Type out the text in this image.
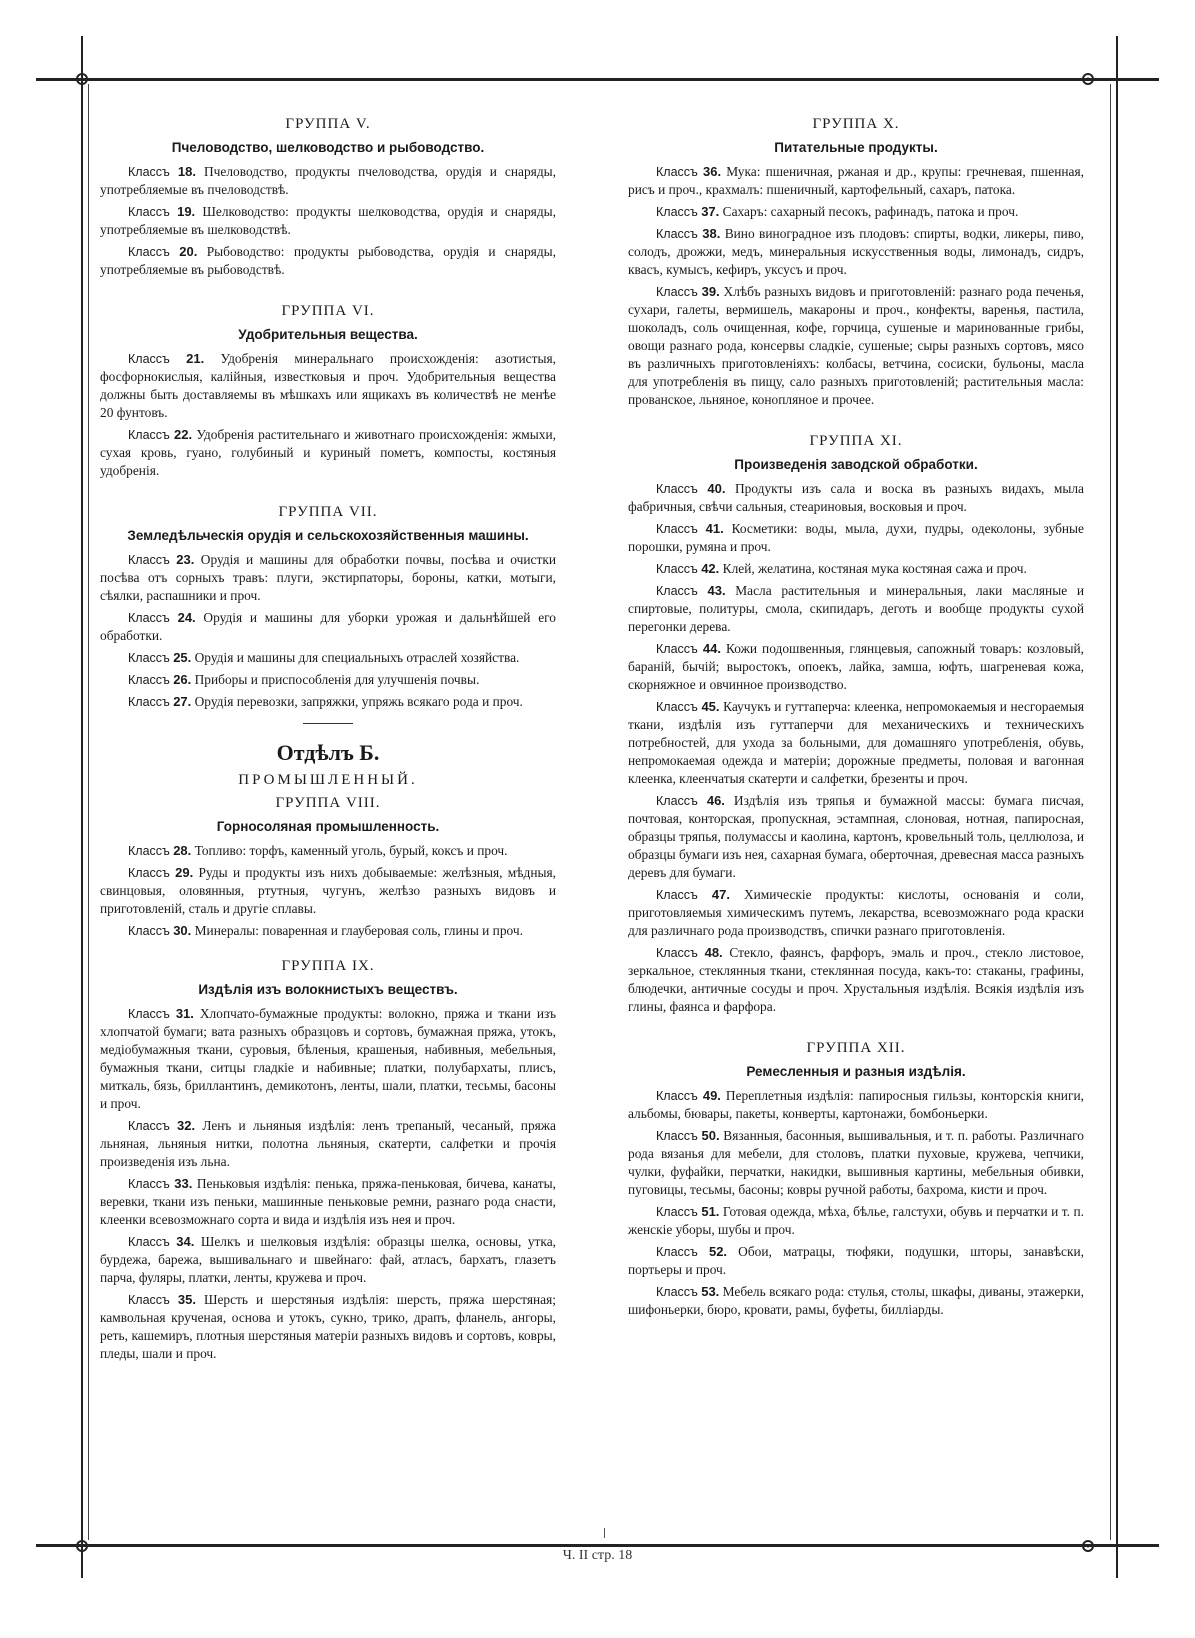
ГРУППА V.
Пчеловодство, шелководство и рыбоводство.

Классъ 18. Пчеловодство, продукты пчеловодства, орудія и снаряды, употребляемые въ пчеловодствѣ.

Классъ 19. Шелководство: продукты шелководства, орудія и снаряды, употребляемые въ шелководствѣ.

Классъ 20. Рыбоводство: продукты рыбоводства, орудія и снаряды, употребляемые въ рыбоводствѣ.

ГРУППА VI.
Удобрительныя вещества.

Классъ 21. Удобренія минеральнаго происхожденія: азотистыя, фосфорнокислыя, калійныя, известковыя и проч. Удобрительныя вещества должны быть доставляемы въ мѣшкахъ или ящикахъ въ количествѣ не менѣе 20 фунтовъ.

Классъ 22. Удобренія растительнаго и животнаго происхожденія: жмыхи, сухая кровь, гуано, голубиный и куриный пометъ, компосты, костяныя удобренія.

ГРУППА VII.
Земледѣльческія орудія и сельскохозяйственныя машины.

Классъ 23. Орудія и машины для обработки почвы, посѣва и очистки посѣва отъ сорныхъ травъ: плуги, экстирпаторы, бороны, катки, мотыги, сѣялки, распашники и проч.

Классъ 24. Орудія и машины для уборки урожая и дальнѣйшей его обработки.

Классъ 25. Орудія и машины для специальныхъ отраслей хозяйства.

Классъ 26. Приборы и приспособленія для улучшенія почвы.

Классъ 27. Орудія перевозки, запряжки, упряжь всякаго рода и проч.

Отдѣлъ Б.
ПРОМЫШЛЕННЫЙ.
ГРУППА VIII.
Горносоляная промышленность.

Классъ 28. Топливо: торфъ, каменный уголь, бурый, коксъ и проч.

Классъ 29. Руды и продукты изъ нихъ добываемые: желѣзныя, мѣдныя, свинцовыя, оловянныя, ртутныя, чугунъ, желѣзо разныхъ видовъ и приготовленій, сталь и другіе сплавы.

Классъ 30. Минералы: поваренная и глауберовая соль, глины и проч.

ГРУППА IX.
Издѣлія изъ волокнистыхъ веществъ.

Классъ 31. Хлопчато-бумажные продукты: волокно, пряжа и ткани изъ хлопчатой бумаги; вата разныхъ образцовъ и сортовъ, бумажная пряжа, утокъ, медіобумажныя ткани, суровыя, бѣленыя, крашеныя, набивныя, мебельныя, бумажныя ткани, ситцы гладкіе и набивные; платки, полубархаты, плисъ, миткаль, бязь, бриллантинъ, демикотонъ, ленты, шали, платки, тесьмы, басоны и проч.

Классъ 32. Ленъ и льняныя издѣлія: ленъ трепаный, чесаный, пряжа льняная, льняныя нитки, полотна льняныя, скатерти, салфетки и прочія произведенія изъ льна.

Классъ 33. Пеньковыя издѣлія: пенька, пряжа-пеньковая, бичева, канаты, веревки, ткани изъ пеньки, машинные пеньковые ремни, разнаго рода снасти, клеенки всевозможнаго сорта и вида и издѣлія изъ нея и проч.

Классъ 34. Шелкъ и шелковыя издѣлія: образцы шелка, основы, утка, бурдежа, барежа, вышивальнаго и швейнаго: фай, атласъ, бархатъ, глазетъ парча, фуляры, платки, ленты, кружева и проч.

Классъ 35. Шерсть и шерстяныя издѣлія: шерсть, пряжа шерстяная; камвольная крученая, основа и утокъ, сукно, трико, драпъ, фланель, ангоры, реть, кашемиръ, плотныя шерстяныя матеріи разныхъ видовъ и сортовъ, ковры, пледы, шали и проч.

ГРУППА X.
Питательные продукты.

Классъ 36. Мука: пшеничная, ржаная и др., крупы: гречневая, пшенная, рисъ и проч., крахмалъ: пшеничный, картофельный, сахаръ, патока.

Классъ 37. Сахаръ: сахарный песокъ, рафинадъ, патока и проч.

Классъ 38. Вино виноградное изъ плодовъ: спирты, водки, ликеры, пиво, солодъ, дрожжи, медъ, минеральныя искусственныя воды, лимонадъ, сидръ, квасъ, кумысъ, кефиръ, уксусъ и проч.

Классъ 39. Хлѣбъ разныхъ видовъ и приготовленій: разнаго рода печенья, сухари, галеты, вермишель, макароны и проч., конфекты, варенья, пастила, шоколадъ, соль очищенная, кофе, горчица, сушеные и маринованные грибы, овощи разнаго рода, консервы сладкіе, сушеные; сыры разныхъ сортовъ, мясо въ различныхъ приготовленіяхъ: колбасы, ветчина, сосиски, бульоны, масла для употребленія въ пищу, сало разныхъ приготовленій; растительныя масла: прованское, льняное, конопляное и прочее.

ГРУППА XI.
Произведенія заводской обработки.

Классъ 40. Продукты изъ сала и воска въ разныхъ видахъ, мыла фабричныя, свѣчи сальныя, стеариновыя, восковыя и проч.

Классъ 41. Косметики: воды, мыла, духи, пудры, одеколоны, зубные порошки, румяна и проч.

Классъ 42. Клей, желатина, костяная мука костяная сажа и проч.

Классъ 43. Масла растительныя и минеральныя, лаки масляные и спиртовые, политуры, смола, скипидаръ, деготь и вообще продукты сухой перегонки дерева.

Классъ 44. Кожи подошвенныя, глянцевыя, сапожный товаръ: козловый, бараній, бычій; выростокъ, опоекъ, лайка, замша, юфть, шагреневая кожа, скорняжное и овчинное производство.

Классъ 45. Каучукъ и гуттаперча: клеенка, непромокаемыя и несгораемыя ткани, издѣлія изъ гуттаперчи для механическихъ и техническихъ потребностей, для ухода за больными, для домашняго употребленія, обувь, непромокаемая одежда и матеріи; дорожные предметы, половая и вагонная клеенка, клеенчатыя скатерти и салфетки, брезенты и проч.

Классъ 46. Издѣлія изъ тряпья и бумажной массы: бумага писчая, почтовая, конторская, пропускная, эстампная, слоновая, нотная, папиросная, образцы тряпья, полумассы и каолина, картонъ, кровельный толь, целлюлоза, и образцы бумаги изъ нея, сахарная бумага, оберточная, древесная масса разныхъ деревъ для бумаги.

Классъ 47. Химическіе продукты: кислоты, основанія и соли, приготовляемыя химическимъ путемъ, лекарства, всевозможнаго рода краски для различнаго рода производствъ, спички разнаго приготовленія.

Классъ 48. Стекло, фаянсъ, фарфоръ, эмаль и проч., стекло листовое, зеркальное, стеклянныя ткани, стеклянная посуда, какъ-то: стаканы, графины, блюдечки, античные сосуды и проч. Хрустальныя издѣлія. Всякія издѣлія изъ глины, фаянса и фарфора.

ГРУППА XII.
Ремесленныя и разныя издѣлія.

Классъ 49. Переплетныя издѣлія: папиросныя гильзы, конторскія книги, альбомы, бювары, пакеты, конверты, картонажи, бомбоньерки.

Классъ 50. Вязанныя, басонныя, вышивальныя, и т. п. работы. Различнаго рода вязанья для мебели, для столовъ, платки пуховые, кружева, чепчики, чулки, фуфайки, перчатки, накидки, вышивныя картины, мебельныя обивки, пуговицы, тесьмы, басоны; ковры ручной работы, бахрома, кисти и проч.

Классъ 51. Готовая одежда, мѣха, бѣлье, галстухи, обувь и перчатки и т. п. женскіе уборы, шубы и проч.

Классъ 52. Обои, матрацы, тюфяки, подушки, шторы, занавѣски, портьеры и проч.

Классъ 53. Мебель всякаго рода: стулья, столы, шкафы, диваны, этажерки, шифоньерки, бюро, кровати, рамы, буфеты, билліарды.

Ч. II стр. 18
